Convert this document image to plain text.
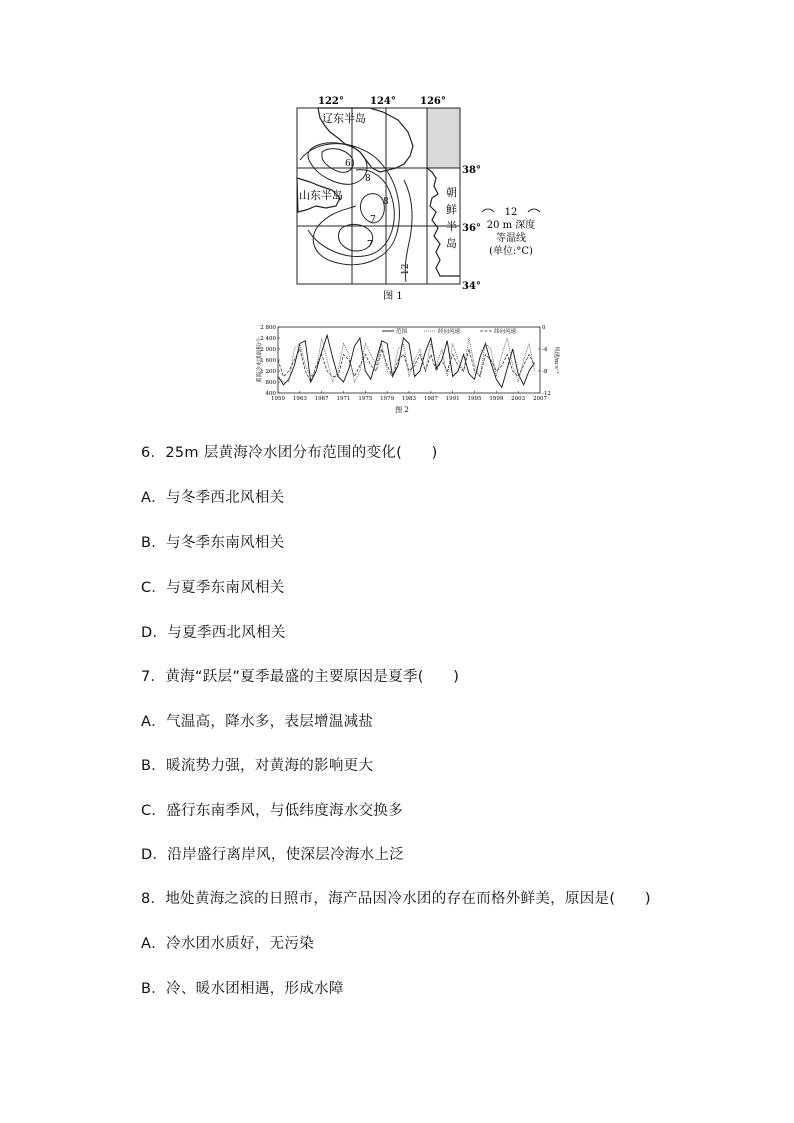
122°	124° 126°
38°
36°
34°
辽东半岛
山东半岛	朝
鲜
半
岛
6
8
8
7
7
12
图 1
12
20 m 深度
等温线
(单位:°C)
范围	经向风速	纬向风速
1959 1963 1967 1971 1975 1979 1983 1987 1991 1995 1999 2003 2007
400
800
1 200
1 600
2 000
2 400
2 800	0
-4
-8
-12
黄海冷水团面积/个	风速/m·s⁻¹
图 2
6．25m 层黄海冷水团分布范围的变化(　　)
A．与冬季西北风相关
B．与冬季东南风相关
C．与夏季东南风相关
D．与夏季西北风相关
7．黄海“跃层”夏季最盛的主要原因是夏季(　　)
A．气温高，降水多，表层增温减盐
B．暖流势力强，对黄海的影响更大
C．盛行东南季风，与低纬度海水交换多
D．沿岸盛行离岸风，使深层冷海水上泛
8．地处黄海之滨的日照市，海产品因冷水团的存在而格外鲜美，原因是(　　)
A．冷水团水质好，无污染
B．冷、暖水团相遇，形成水障
